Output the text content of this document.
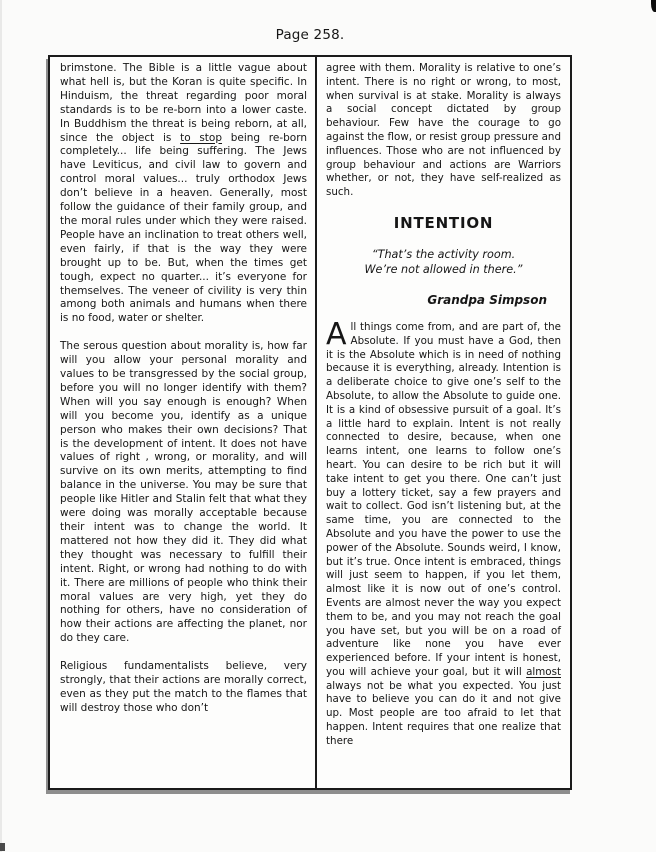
Page 258.

brimstone. The Bible is a little vague about what hell is, but the Koran is quite specific. In Hinduism, the threat regarding poor moral standards is to be re-born into a lower caste. In Buddhism the threat is being reborn, at all, since the object is to stop being re-born completely... life being suffering. The Jews have Leviticus, and civil law to govern and control moral values... truly orthodox Jews don’t believe in a heaven. Generally, most follow the guidance of their family group, and the moral rules under which they were raised. People have an inclination to treat others well, even fairly, if that is the way they were brought up to be. But, when the times get tough, expect no quarter... it’s everyone for themselves. The veneer of civility is very thin among both animals and humans when there is no food, water or shelter.

The serous question about morality is, how far will you allow your personal morality and values to be transgressed by the social group, before you will no longer identify with them? When will you say enough is enough? When will you become you, identify as a unique person who makes their own decisions? That is the development of intent. It does not have values of right , wrong, or morality, and will survive on its own merits, attempting to find balance in the universe. You may be sure that people like Hitler and Stalin felt that what they were doing was morally acceptable because their intent was to change the world. It mattered not how they did it. They did what they thought was necessary to fulfill their intent. Right, or wrong had nothing to do with it. There are millions of people who think their moral values are very high, yet they do nothing for others, have no consideration of how their actions are affecting the planet, nor do they care.

Religious fundamentalists believe, very strongly, that their actions are morally correct, even as they put the match to the flames that will destroy those who don’t

agree with them. Morality is relative to one’s intent. There is no right or wrong, to most, when survival is at stake. Morality is always a social concept dictated by group behaviour. Few have the courage to go against the flow, or resist group pressure and influences. Those who are not influenced by group behaviour and actions are Warriors whether, or not, they have self-realized as such.

INTENTION
“That’s the activity room.
We’re not allowed in there.”
Grandpa Simpson

All things come from, and are part of, the Absolute. If you must have a God, then it is the Absolute which is in need of nothing because it is everything, already. Intention is a deliberate choice to give one’s self to the Absolute, to allow the Absolute to guide one. It is a kind of obsessive pursuit of a goal. It’s a little hard to explain. Intent is not really connected to desire, because, when one learns intent, one learns to follow one’s heart. You can desire to be rich but it will take intent to get you there. One can’t just buy a lottery ticket, say a few prayers and wait to collect. God isn’t listening but, at the same time, you are connected to the Absolute and you have the power to use the power of the Absolute. Sounds weird, I know, but it’s true. Once intent is embraced, things will just seem to happen, if you let them, almost like it is now out of one’s control. Events are almost never the way you expect them to be, and you may not reach the goal you have set, but you will be on a road of adventure like none you have ever experienced before. If your intent is honest, you will achieve your goal, but it will almost always not be what you expected. You just have to believe you can do it and not give up. Most people are too afraid to let that happen. Intent requires that one realize that there
